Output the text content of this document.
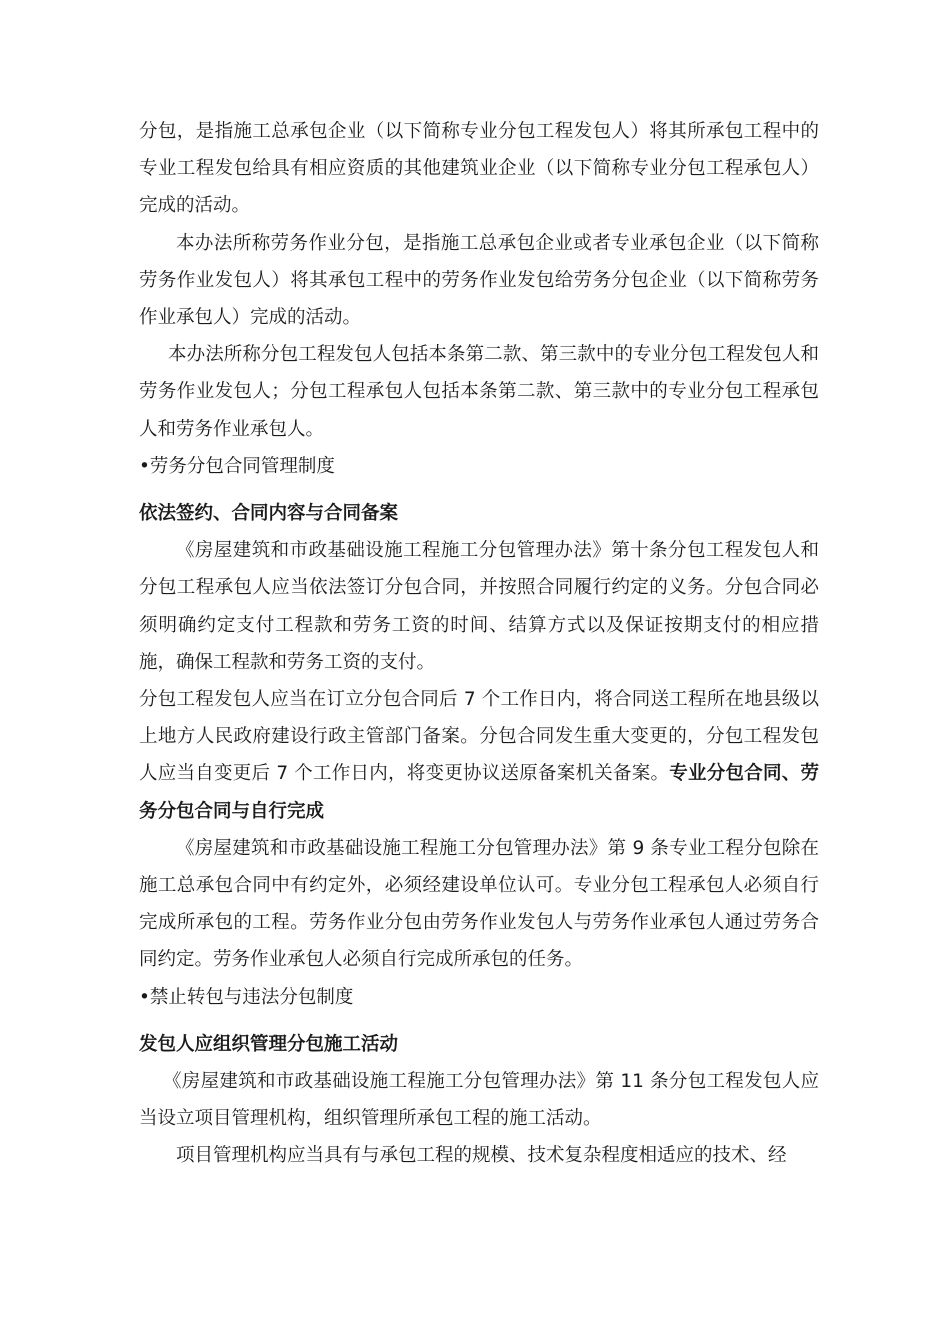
分包，是指施工总承包企业（以下简称专业分包工程发包人）将其所承包工程中的专业工程发包给具有相应资质的其他建筑业企业（以下简称专业分包工程承包人）完成的活动。

本办法所称劳务作业分包，是指施工总承包企业或者专业承包企业（以下简称劳务作业发包人）将其承包工程中的劳务作业发包给劳务分包企业（以下简称劳务作业承包人）完成的活动。

本办法所称分包工程发包人包括本条第二款、第三款中的专业分包工程发包人和劳务作业发包人；分包工程承包人包括本条第二款、第三款中的专业分包工程承包人和劳务作业承包人。

•劳务分包合同管理制度

依法签约、合同内容与合同备案

《房屋建筑和市政基础设施工程施工分包管理办法》第十条分包工程发包人和分包工程承包人应当依法签订分包合同，并按照合同履行约定的义务。分包合同必须明确约定支付工程款和劳务工资的时间、结算方式以及保证按期支付的相应措施，确保工程款和劳务工资的支付。

分包工程发包人应当在订立分包合同后 7 个工作日内，将合同送工程所在地县级以上地方人民政府建设行政主管部门备案。分包合同发生重大变更的，分包工程发包人应当自变更后 7 个工作日内，将变更协议送原备案机关备案。专业分包合同、劳务分包合同与自行完成

《房屋建筑和市政基础设施工程施工分包管理办法》第 9 条专业工程分包除在施工总承包合同中有约定外，必须经建设单位认可。专业分包工程承包人必须自行完成所承包的工程。劳务作业分包由劳务作业发包人与劳务作业承包人通过劳务合同约定。劳务作业承包人必须自行完成所承包的任务。

•禁止转包与违法分包制度

发包人应组织管理分包施工活动

《房屋建筑和市政基础设施工程施工分包管理办法》第 11 条分包工程发包人应当设立项目管理机构，组织管理所承包工程的施工活动。

项目管理机构应当具有与承包工程的规模、技术复杂程度相适应的技术、经
